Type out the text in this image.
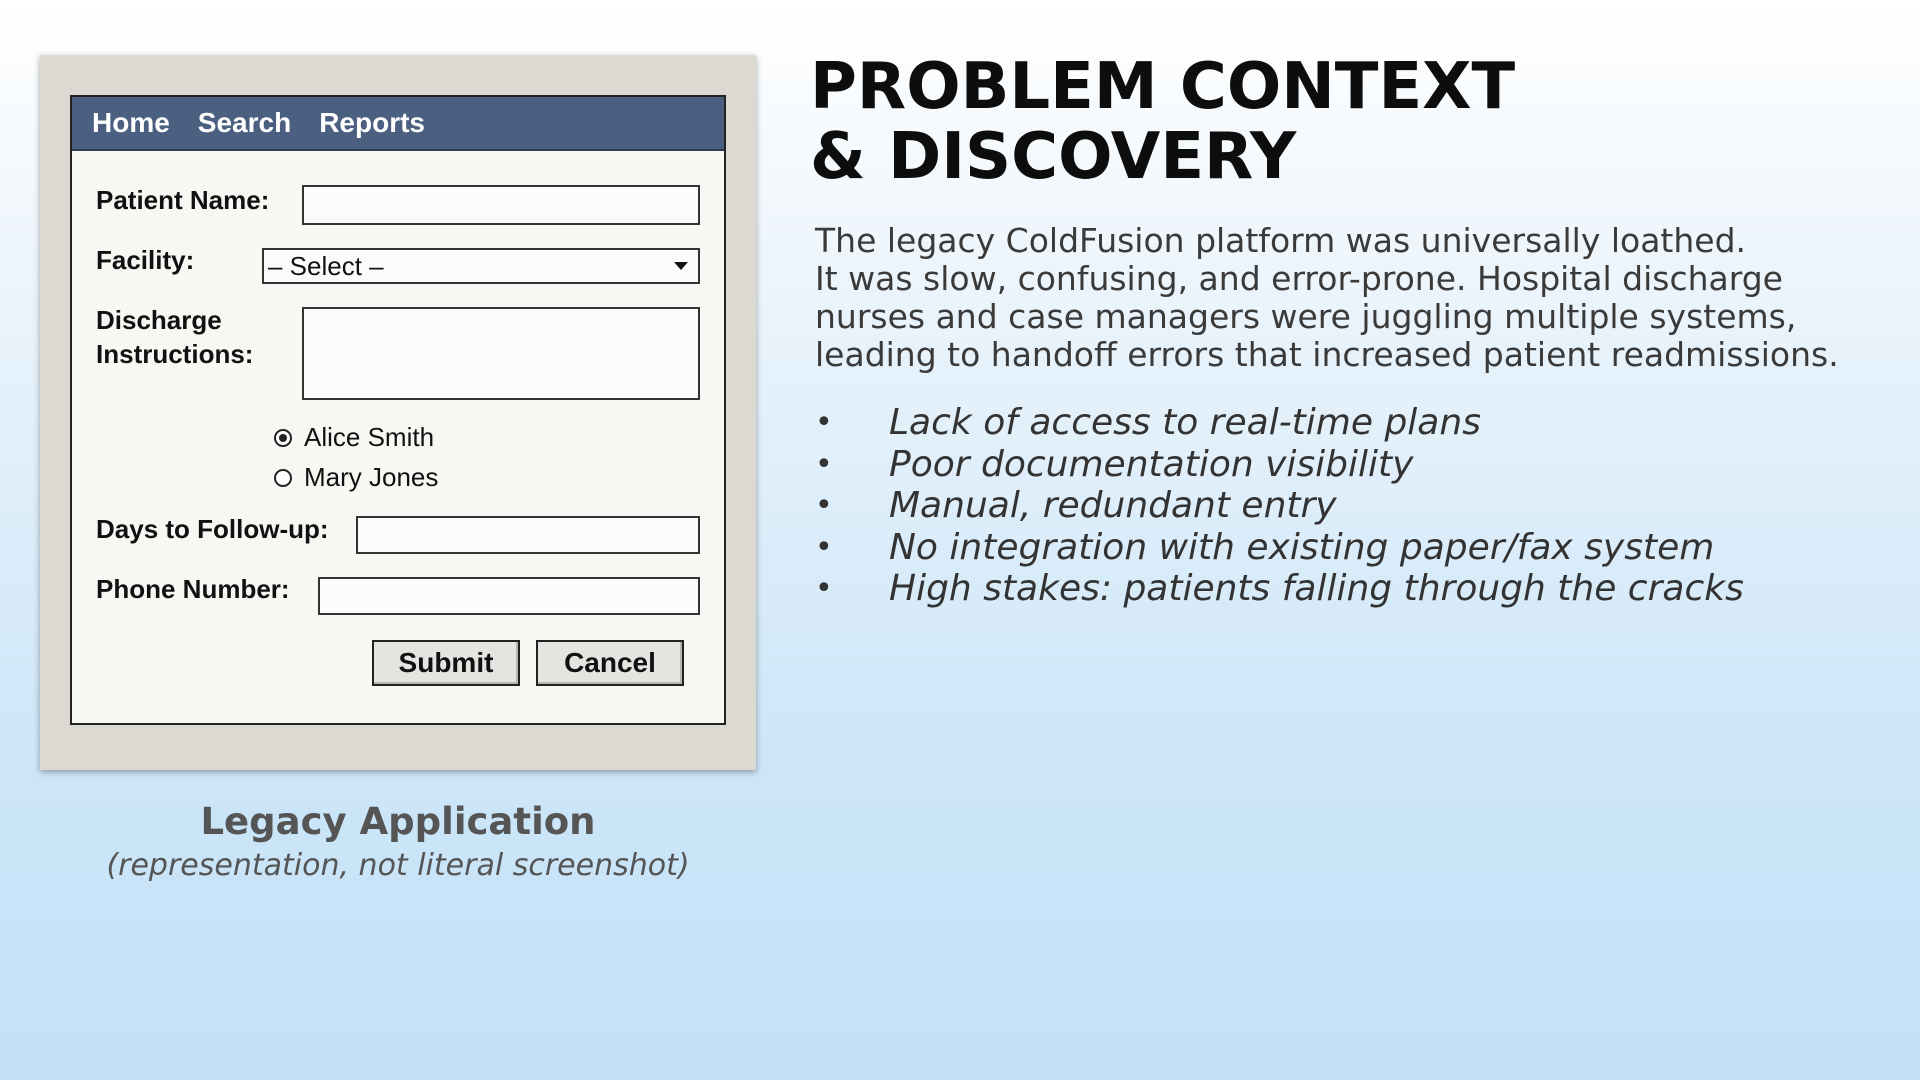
Home Search Reports
Patient Name:
Facility:	– Select –
Discharge
Instructions:
Alice Smith
Mary Jones
Days to Follow-up:
Phone Number:
Submit	Cancel
Legacy Application
(representation, not literal screenshot)
PROBLEM CONTEXT
& DISCOVERY
The legacy ColdFusion platform was universally loathed.
It was slow, confusing, and error-prone. Hospital discharge
nurses and case managers were juggling multiple systems,
leading to handoff errors that increased patient readmissions.
• Lack of access to real-time plans
• Poor documentation visibility
• Manual, redundant entry
• No integration with existing paper/fax system
• High stakes: patients falling through the cracks
